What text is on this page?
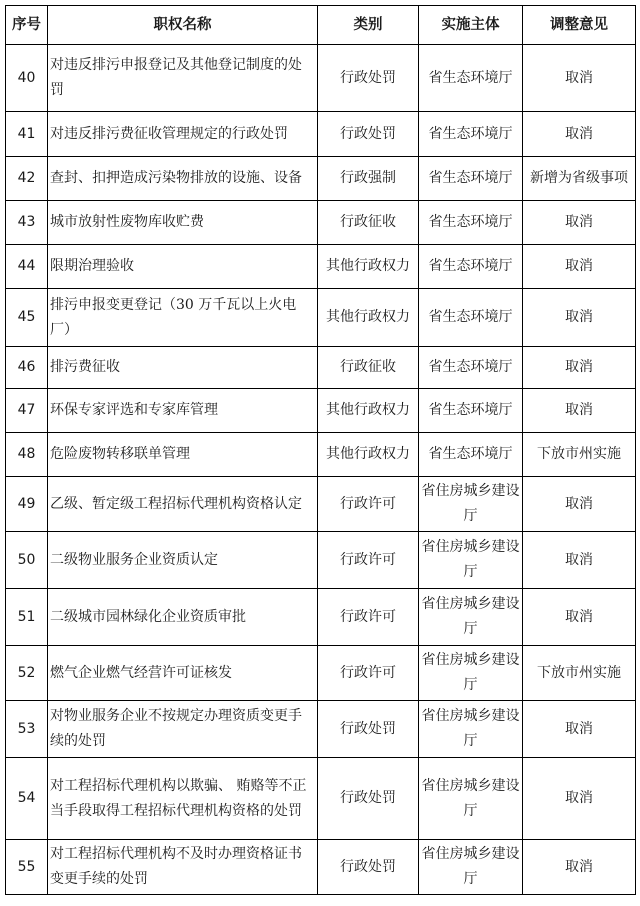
序号	职权名称	类别	实施主体	调整意见
40	对违反排污申报登记及其他登记制度的处罚	行政处罚	省生态环境厅	取消
41	对违反排污费征收管理规定的行政处罚	行政处罚	省生态环境厅	取消
42	查封、扣押造成污染物排放的设施、设备	行政强制	省生态环境厅	新增为省级事项
43	城市放射性废物库收贮费	行政征收	省生态环境厅	取消
44	限期治理验收	其他行政权力	省生态环境厅	取消
45	排污申报变更登记（30 万千瓦以上火电厂）	其他行政权力	省生态环境厅	取消
46	排污费征收	行政征收	省生态环境厅	取消
47	环保专家评选和专家库管理	其他行政权力	省生态环境厅	取消
48	危险废物转移联单管理	其他行政权力	省生态环境厅	下放市州实施
49	乙级、暂定级工程招标代理机构资格认定	行政许可	省住房城乡建设厅	取消
50	二级物业服务企业资质认定	行政许可	省住房城乡建设厅	取消
51	二级城市园林绿化企业资质审批	行政许可	省住房城乡建设厅	取消
52	燃气企业燃气经营许可证核发	行政许可	省住房城乡建设厅	下放市州实施
53	对物业服务企业不按规定办理资质变更手续的处罚	行政处罚	省住房城乡建设厅	取消
54	对工程招标代理机构以欺骗、 贿赂等不正当手段取得工程招标代理机构资格的处罚	行政处罚	省住房城乡建设厅	取消
55	对工程招标代理机构不及时办理资格证书变更手续的处罚	行政处罚	省住房城乡建设厅	取消
